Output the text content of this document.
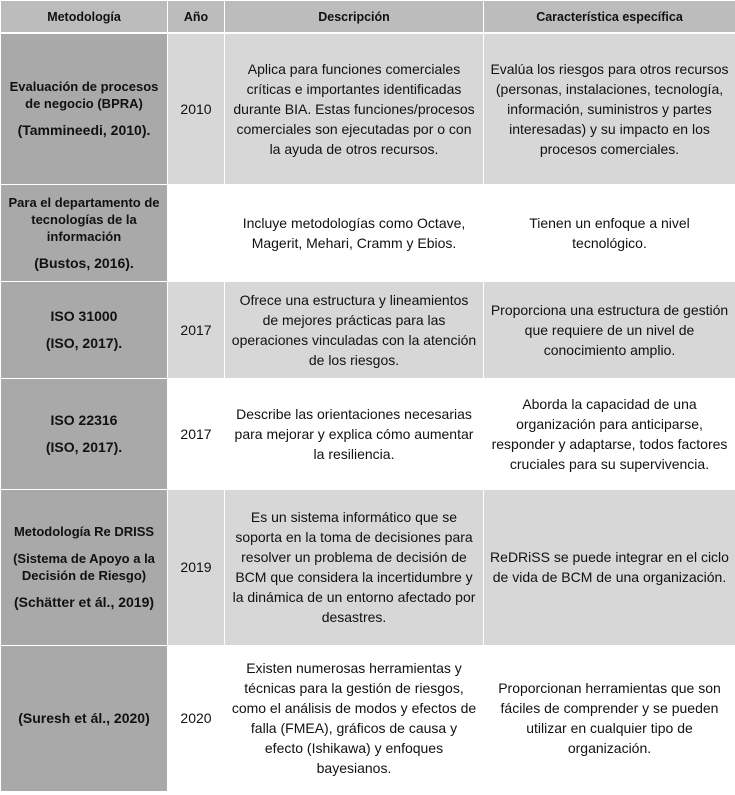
Metodología	Año	Descripción	Característica específica

Evaluación de procesos de negocio (BPRA)
(Tammineedi, 2010).	2010	Aplica para funciones comerciales críticas e importantes identificadas durante BIA. Estas funciones/procesos comerciales son ejecutadas por o con la ayuda de otros recursos.	Evalúa los riesgos para otros recursos (personas, instalaciones, tecnología, información, suministros y partes interesadas) y su impacto en los procesos comerciales.

Para el departamento de tecnologías de la información
(Bustos, 2016).		Incluye metodologías como Octave, Magerit, Mehari, Cramm y Ebios.	Tienen un enfoque a nivel tecnológico.

ISO 31000
(ISO, 2017).	2017	Ofrece una estructura y lineamientos de mejores prácticas para las operaciones vinculadas con la atención de los riesgos.	Proporciona una estructura de gestión que requiere de un nivel de conocimiento amplio.

ISO 22316
(ISO, 2017).	2017	Describe las orientaciones necesarias para mejorar y explica cómo aumentar la resiliencia.	Aborda la capacidad de una organización para anticiparse, responder y adaptarse, todos factores cruciales para su supervivencia.

Metodología Re DRISS
(Sistema de Apoyo a la Decisión de Riesgo)
(Schätter et ál., 2019)	2019	Es un sistema informático que se soporta en la toma de decisiones para resolver un problema de decisión de BCM que considera la incertidumbre y la dinámica de un entorno afectado por desastres.	ReDRiSS se puede integrar en el ciclo de vida de BCM de una organización.

(Suresh et ál., 2020)	2020	Existen numerosas herramientas y técnicas para la gestión de riesgos, como el análisis de modos y efectos de falla (FMEA), gráficos de causa y efecto (Ishikawa) y enfoques bayesianos.	Proporcionan herramientas que son fáciles de comprender y se pueden utilizar en cualquier tipo de organización.
